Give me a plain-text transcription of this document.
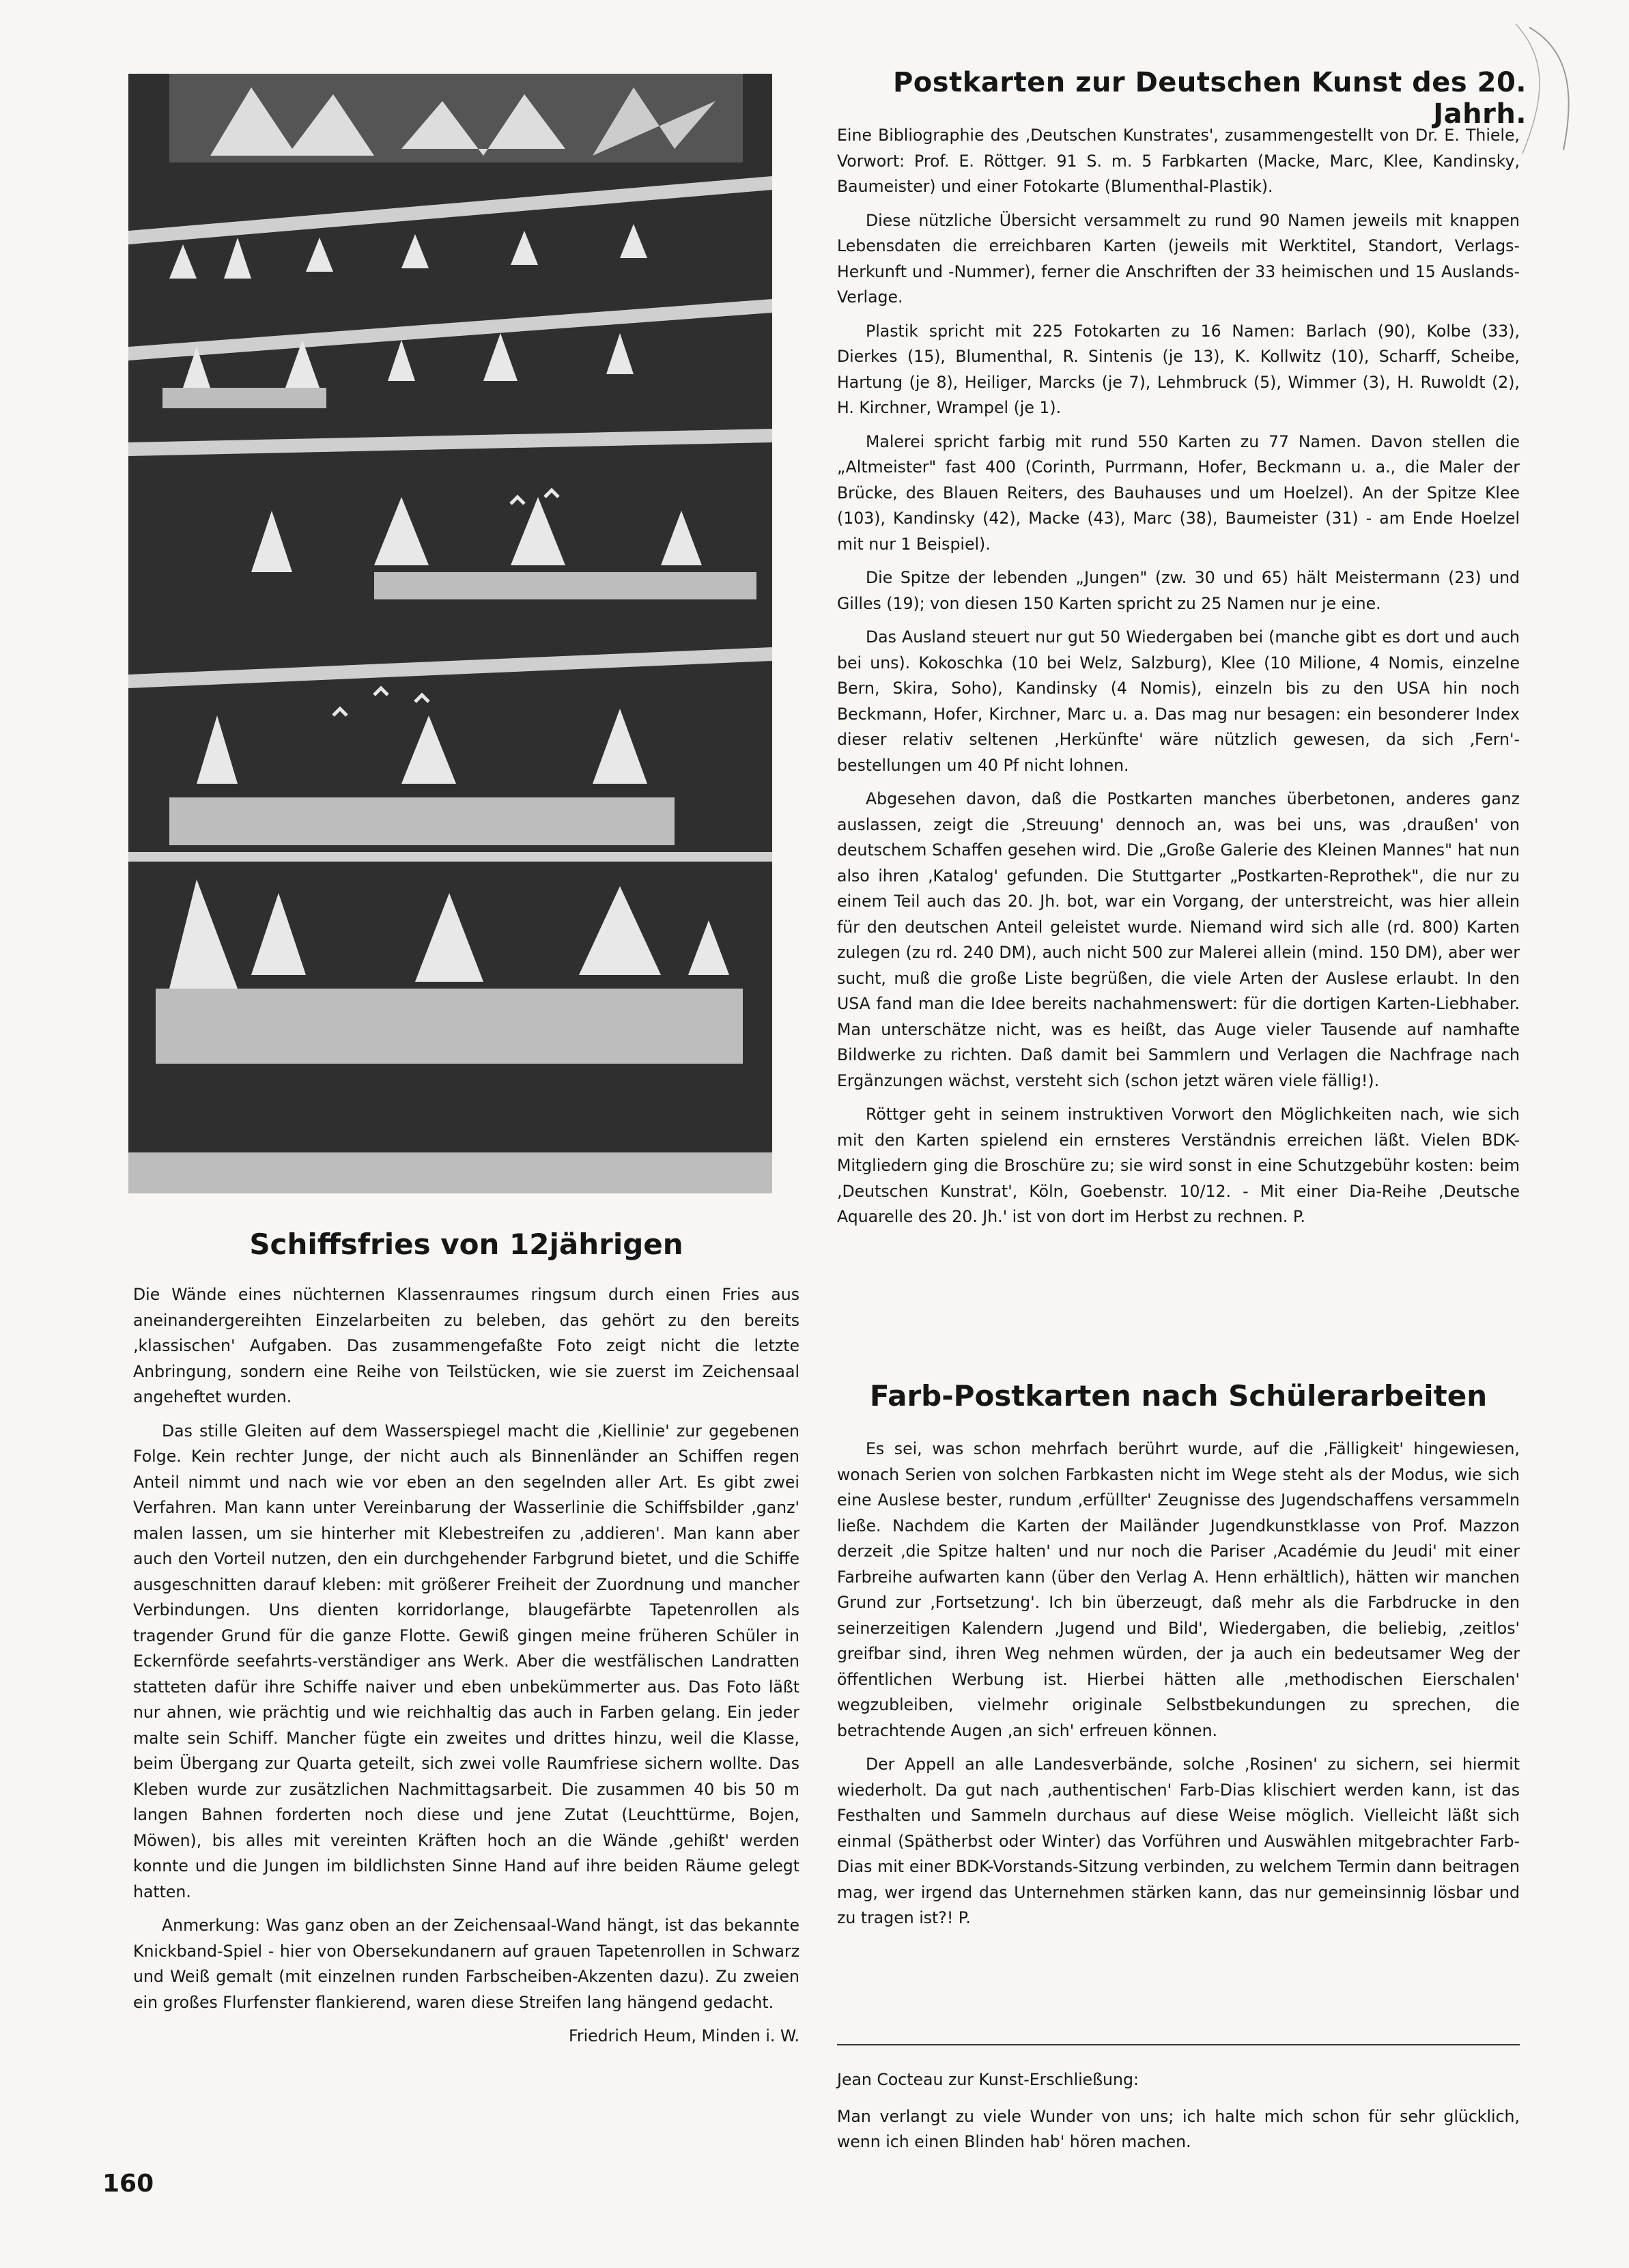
Postkarten zur Deutschen Kunst des 20. Jahrh.

Eine Bibliographie des ‚Deutschen Kunstrates', zusammengestellt von Dr. E. Thiele, Vorwort: Prof. E. Röttger. 91 S. m. 5 Farbkarten (Macke, Marc, Klee, Kandinsky, Baumeister) und einer Fotokarte (Blumenthal-Plastik).

Diese nützliche Übersicht versammelt zu rund 90 Namen jeweils mit knappen Lebensdaten die erreichbaren Karten (jeweils mit Werktitel, Standort, Verlags-Herkunft und -Nummer), ferner die Anschriften der 33 heimischen und 15 Auslands-Verlage.

Plastik spricht mit 225 Fotokarten zu 16 Namen: Barlach (90), Kolbe (33), Dierkes (15), Blumenthal, R. Sintenis (je 13), K. Kollwitz (10), Scharff, Scheibe, Hartung (je 8), Heiliger, Marcks (je 7), Lehmbruck (5), Wimmer (3), H. Ruwoldt (2), H. Kirchner, Wrampel (je 1).

Malerei spricht farbig mit rund 550 Karten zu 77 Namen. Davon stellen die „Altmeister" fast 400 (Corinth, Purrmann, Hofer, Beckmann u. a., die Maler der Brücke, des Blauen Reiters, des Bauhauses und um Hoelzel). An der Spitze Klee (103), Kandinsky (42), Macke (43), Marc (38), Baumeister (31) - am Ende Hoelzel mit nur 1 Beispiel).

Die Spitze der lebenden „Jungen" (zw. 30 und 65) hält Meistermann (23) und Gilles (19); von diesen 150 Karten spricht zu 25 Namen nur je eine.

Das Ausland steuert nur gut 50 Wiedergaben bei (manche gibt es dort und auch bei uns). Kokoschka (10 bei Welz, Salzburg), Klee (10 Milione, 4 Nomis, einzelne Bern, Skira, Soho), Kandinsky (4 Nomis), einzeln bis zu den USA hin noch Beckmann, Hofer, Kirchner, Marc u. a. Das mag nur besagen: ein besonderer Index dieser relativ seltenen ‚Herkünfte' wäre nützlich gewesen, da sich ‚Fern'-bestellungen um 40 Pf nicht lohnen.

Abgesehen davon, daß die Postkarten manches überbetonen, anderes ganz auslassen, zeigt die ‚Streuung' dennoch an, was bei uns, was ‚draußen' von deutschem Schaffen gesehen wird. Die „Große Galerie des Kleinen Mannes" hat nun also ihren ‚Katalog' gefunden. Die Stuttgarter „Postkarten-Reprothek", die nur zu einem Teil auch das 20. Jh. bot, war ein Vorgang, der unterstreicht, was hier allein für den deutschen Anteil geleistet wurde. Niemand wird sich alle (rd. 800) Karten zulegen (zu rd. 240 DM), auch nicht 500 zur Malerei allein (mind. 150 DM), aber wer sucht, muß die große Liste begrüßen, die viele Arten der Auslese erlaubt. In den USA fand man die Idee bereits nachahmenswert: für die dortigen Karten-Liebhaber. Man unterschätze nicht, was es heißt, das Auge vieler Tausende auf namhafte Bildwerke zu richten. Daß damit bei Sammlern und Verlagen die Nachfrage nach Ergänzungen wächst, versteht sich (schon jetzt wären viele fällig!).

Röttger geht in seinem instruktiven Vorwort den Möglichkeiten nach, wie sich mit den Karten spielend ein ernsteres Verständnis erreichen läßt. Vielen BDK-Mitgliedern ging die Broschüre zu; sie wird sonst in eine Schutzgebühr kosten: beim ‚Deutschen Kunstrat', Köln, Goebenstr. 10/12. - Mit einer Dia-Reihe ‚Deutsche Aquarelle des 20. Jh.' ist von dort im Herbst zu rechnen. P.

Schiffsfries von 12jährigen

Die Wände eines nüchternen Klassenraumes ringsum durch einen Fries aus aneinandergereihten Einzelarbeiten zu beleben, das gehört zu den bereits ‚klassischen' Aufgaben. Das zusammengefaßte Foto zeigt nicht die letzte Anbringung, sondern eine Reihe von Teilstücken, wie sie zuerst im Zeichensaal angeheftet wurden.

Das stille Gleiten auf dem Wasserspiegel macht die ‚Kiellinie' zur gegebenen Folge. Kein rechter Junge, der nicht auch als Binnenländer an Schiffen regen Anteil nimmt und nach wie vor eben an den segelnden aller Art. Es gibt zwei Verfahren. Man kann unter Vereinbarung der Wasserlinie die Schiffsbilder ‚ganz' malen lassen, um sie hinterher mit Klebestreifen zu ‚addieren'. Man kann aber auch den Vorteil nutzen, den ein durchgehender Farbgrund bietet, und die Schiffe ausgeschnitten darauf kleben: mit größerer Freiheit der Zuordnung und mancher Verbindungen. Uns dienten korridorlange, blaugefärbte Tapetenrollen als tragender Grund für die ganze Flotte. Gewiß gingen meine früheren Schüler in Eckernförde seefahrts-verständiger ans Werk. Aber die westfälischen Landratten statteten dafür ihre Schiffe naiver und eben unbekümmerter aus. Das Foto läßt nur ahnen, wie prächtig und wie reichhaltig das auch in Farben gelang. Ein jeder malte sein Schiff. Mancher fügte ein zweites und drittes hinzu, weil die Klasse, beim Übergang zur Quarta geteilt, sich zwei volle Raumfriese sichern wollte. Das Kleben wurde zur zusätzlichen Nachmittagsarbeit. Die zusammen 40 bis 50 m langen Bahnen forderten noch diese und jene Zutat (Leuchttürme, Bojen, Möwen), bis alles mit vereinten Kräften hoch an die Wände ‚gehißt' werden konnte und die Jungen im bildlichsten Sinne Hand auf ihre beiden Räume gelegt hatten.

Anmerkung: Was ganz oben an der Zeichensaal-Wand hängt, ist das bekannte Knickband-Spiel - hier von Obersekundanern auf grauen Tapetenrollen in Schwarz und Weiß gemalt (mit einzelnen runden Farbscheiben-Akzenten dazu). Zu zweien ein großes Flurfenster flankierend, waren diese Streifen lang hängend gedacht.

Friedrich Heum, Minden i. W.

Farb-Postkarten nach Schülerarbeiten

Es sei, was schon mehrfach berührt wurde, auf die ‚Fälligkeit' hingewiesen, wonach Serien von solchen Farbkasten nicht im Wege steht als der Modus, wie sich eine Auslese bester, rundum ‚erfüllter' Zeugnisse des Jugendschaffens versammeln ließe. Nachdem die Karten der Mailänder Jugendkunstklasse von Prof. Mazzon derzeit ‚die Spitze halten' und nur noch die Pariser ‚Académie du Jeudi' mit einer Farbreihe aufwarten kann (über den Verlag A. Henn erhältlich), hätten wir manchen Grund zur ‚Fortsetzung'. Ich bin überzeugt, daß mehr als die Farbdrucke in den seinerzeitigen Kalendern ‚Jugend und Bild', Wiedergaben, die beliebig, ‚zeitlos' greifbar sind, ihren Weg nehmen würden, der ja auch ein bedeutsamer Weg der öffentlichen Werbung ist. Hierbei hätten alle ‚methodischen Eierschalen' wegzubleiben, vielmehr originale Selbstbekundungen zu sprechen, die betrachtende Augen ‚an sich' erfreuen können.

Der Appell an alle Landesverbände, solche ‚Rosinen' zu sichern, sei hiermit wiederholt. Da gut nach ‚authentischen' Farb-Dias klischiert werden kann, ist das Festhalten und Sammeln durchaus auf diese Weise möglich. Vielleicht läßt sich einmal (Spätherbst oder Winter) das Vorführen und Auswählen mitgebrachter Farb-Dias mit einer BDK-Vorstands-Sitzung verbinden, zu welchem Termin dann beitragen mag, wer irgend das Unternehmen stärken kann, das nur gemeinsinnig lösbar und zu tragen ist?! P.

Jean Cocteau zur Kunst-Erschließung:

Man verlangt zu viele Wunder von uns; ich halte mich schon für sehr glücklich, wenn ich einen Blinden hab' hören machen.

160
